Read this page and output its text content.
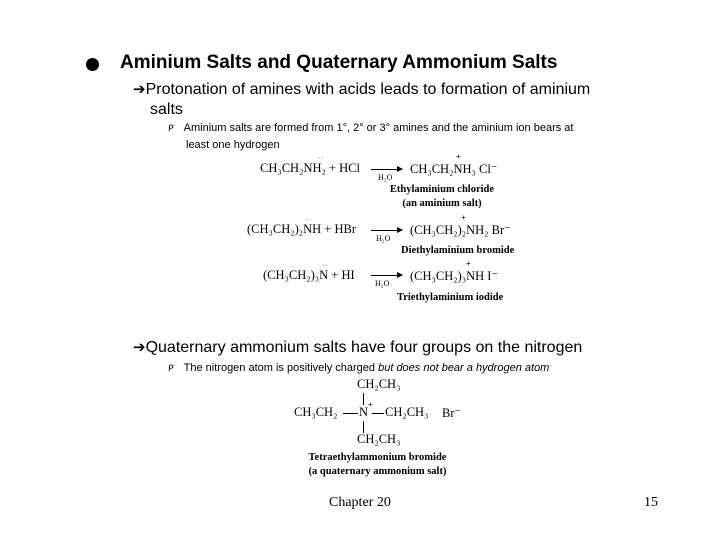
Aminium Salts and Quaternary Ammonium Salts
➔Protonation of amines with acids leads to formation of aminium
salts
ᑭ Aminium salts are formed from 1°, 2° or 3° amines and the aminium ion bears at
least one hydrogen
CH₃CH₂NH₂ + HCl
··
H₂O
CH₃CH₂NH₃ Cl⁻
+
Ethylaminium chloride
(an aminium salt)
(CH₃CH₂)₂NH + HBr
··
H₂O
(CH₃CH₂)₂NH₂ Br⁻
+
Diethylaminium bromide
(CH₃CH₂)₃N + HI
··
H₂O
(CH₃CH₂)₃NH I⁻
+
Triethylaminium iodide
➔Quaternary ammonium salts have four groups on the nitrogen
ᑭ The nitrogen atom is positively charged but does not bear a hydrogen atom
CH₂CH₃
CH₃CH₂ N
+
CH₂CH₃ Br⁻
CH₂CH₃
Tetraethylammonium bromide
(a quaternary ammonium salt)
Chapter 20	15
